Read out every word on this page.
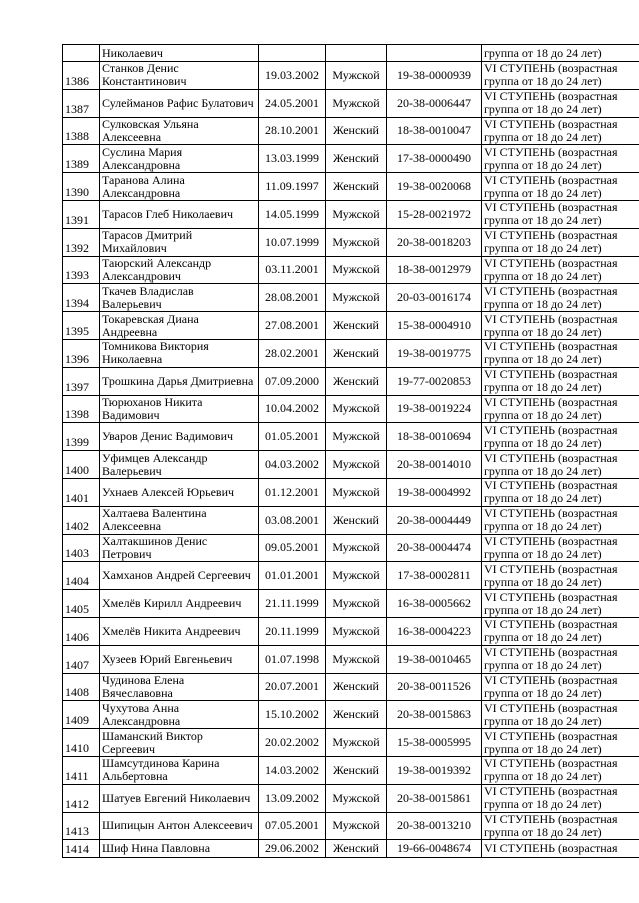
	Николаевич				группа от 18 до 24 лет)
1386	Станков Денис Константинович	19.03.2002	Мужской	19-38-0000939	VI СТУПЕНЬ (возрастная группа от 18 до 24 лет)
1387	Сулейманов Рафис Булатович	24.05.2001	Мужской	20-38-0006447	VI СТУПЕНЬ (возрастная группа от 18 до 24 лет)
1388	Сулковская Ульяна Алексеевна	28.10.2001	Женский	18-38-0010047	VI СТУПЕНЬ (возрастная группа от 18 до 24 лет)
1389	Суслина Мария Александровна	13.03.1999	Женский	17-38-0000490	VI СТУПЕНЬ (возрастная группа от 18 до 24 лет)
1390	Таранова Алина Александровна	11.09.1997	Женский	19-38-0020068	VI СТУПЕНЬ (возрастная группа от 18 до 24 лет)
1391	Тарасов Глеб Николаевич	14.05.1999	Мужской	15-28-0021972	VI СТУПЕНЬ (возрастная группа от 18 до 24 лет)
1392	Тарасов Дмитрий Михайлович	10.07.1999	Мужской	20-38-0018203	VI СТУПЕНЬ (возрастная группа от 18 до 24 лет)
1393	Таюрский Александр Александрович	03.11.2001	Мужской	18-38-0012979	VI СТУПЕНЬ (возрастная группа от 18 до 24 лет)
1394	Ткачев Владислав Валерьевич	28.08.2001	Мужской	20-03-0016174	VI СТУПЕНЬ (возрастная группа от 18 до 24 лет)
1395	Токаревская Диана Андреевна	27.08.2001	Женский	15-38-0004910	VI СТУПЕНЬ (возрастная группа от 18 до 24 лет)
1396	Томникова Виктория Николаевна	28.02.2001	Женский	19-38-0019775	VI СТУПЕНЬ (возрастная группа от 18 до 24 лет)
1397	Трошкина Дарья Дмитриевна	07.09.2000	Женский	19-77-0020853	VI СТУПЕНЬ (возрастная группа от 18 до 24 лет)
1398	Тюрюханов Никита Вадимович	10.04.2002	Мужской	19-38-0019224	VI СТУПЕНЬ (возрастная группа от 18 до 24 лет)
1399	Уваров Денис Вадимович	01.05.2001	Мужской	18-38-0010694	VI СТУПЕНЬ (возрастная группа от 18 до 24 лет)
1400	Уфимцев Александр Валерьевич	04.03.2002	Мужской	20-38-0014010	VI СТУПЕНЬ (возрастная группа от 18 до 24 лет)
1401	Ухнаев Алексей Юрьевич	01.12.2001	Мужской	19-38-0004992	VI СТУПЕНЬ (возрастная группа от 18 до 24 лет)
1402	Халтаева Валентина Алексеевна	03.08.2001	Женский	20-38-0004449	VI СТУПЕНЬ (возрастная группа от 18 до 24 лет)
1403	Халтакшинов Денис Петрович	09.05.2001	Мужской	20-38-0004474	VI СТУПЕНЬ (возрастная группа от 18 до 24 лет)
1404	Хамханов Андрей Сергеевич	01.01.2001	Мужской	17-38-0002811	VI СТУПЕНЬ (возрастная группа от 18 до 24 лет)
1405	Хмелёв Кирилл Андреевич	21.11.1999	Мужской	16-38-0005662	VI СТУПЕНЬ (возрастная группа от 18 до 24 лет)
1406	Хмелёв Никита Андреевич	20.11.1999	Мужской	16-38-0004223	VI СТУПЕНЬ (возрастная группа от 18 до 24 лет)
1407	Хузеев Юрий Евгеньевич	01.07.1998	Мужской	19-38-0010465	VI СТУПЕНЬ (возрастная группа от 18 до 24 лет)
1408	Чудинова Елена Вячеславовна	20.07.2001	Женский	20-38-0011526	VI СТУПЕНЬ (возрастная группа от 18 до 24 лет)
1409	Чухутова Анна Александровна	15.10.2002	Женский	20-38-0015863	VI СТУПЕНЬ (возрастная группа от 18 до 24 лет)
1410	Шаманский Виктор Сергеевич	20.02.2002	Мужской	15-38-0005995	VI СТУПЕНЬ (возрастная группа от 18 до 24 лет)
1411	Шамсутдинова Карина Альбертовна	14.03.2002	Женский	19-38-0019392	VI СТУПЕНЬ (возрастная группа от 18 до 24 лет)
1412	Шатуев Евгений Николаевич	13.09.2002	Мужской	20-38-0015861	VI СТУПЕНЬ (возрастная группа от 18 до 24 лет)
1413	Шипицын Антон Алексеевич	07.05.2001	Мужской	20-38-0013210	VI СТУПЕНЬ (возрастная группа от 18 до 24 лет)
1414	Шиф Нина Павловна	29.06.2002	Женский	19-66-0048674	VI СТУПЕНЬ (возрастная
